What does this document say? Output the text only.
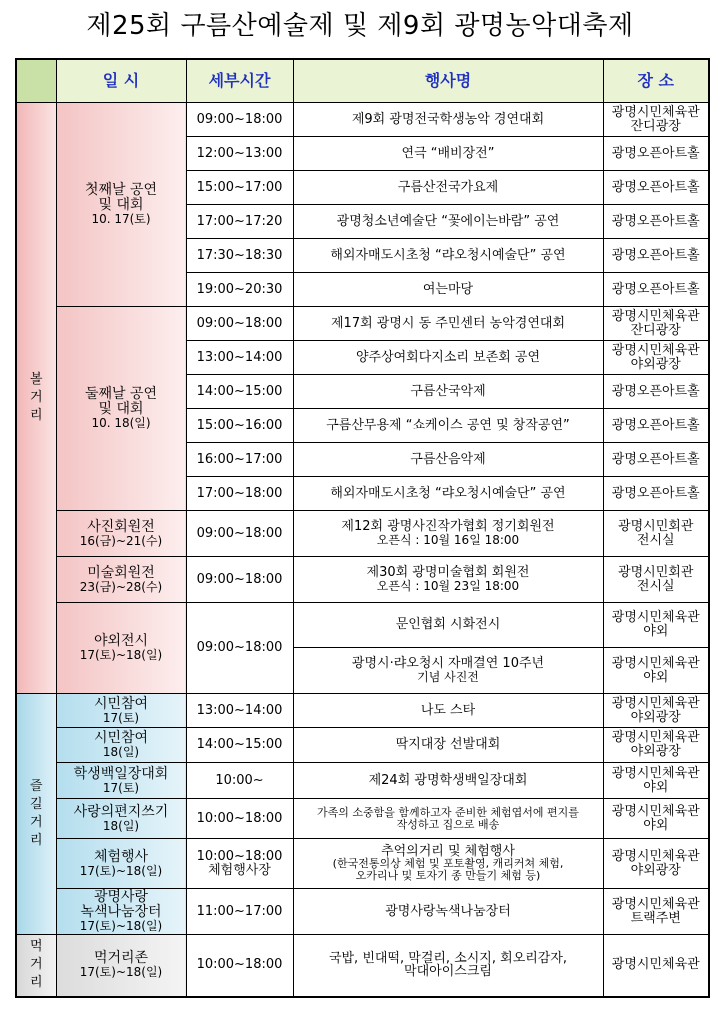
제25회 구름산예술제 및 제9회 광명농악대축제
	일 시	세부시간	행사명	장 소
볼거리	첫째날 공연
및 대회
10. 17(토)	09:00~18:00	제9회 광명전국학생농악 경연대회	광명시민체육관
잔디광장

		12:00~13:00	연극 “배비장전”	광명오픈아트홀

		15:00~17:00	구름산전국가요제	광명오픈아트홀

		17:00~17:20	광명청소년예술단 “꽃에이는바람” 공연	광명오픈아트홀

		17:30~18:30	해외자매도시초청 “랴오청시예술단” 공연	광명오픈아트홀

		19:00~20:30	여는마당	광명오픈아트홀

	둘째날 공연
및 대회
10. 18(일)	09:00~18:00	제17회 광명시 동 주민센터 농악경연대회	광명시민체육관
잔디광장

		13:00~14:00	양주상여회다지소리 보존회 공연	광명시민체육관
야외광장

		14:00~15:00	구름산국악제	광명오픈아트홀

		15:00~16:00	구름산무용제 “쇼케이스 공연 및 창작공연”	광명오픈아트홀

		16:00~17:00	구름산음악제	광명오픈아트홀

		17:00~18:00	해외자매도시초청 “랴오청시예술단” 공연	광명오픈아트홀

	사진회원전
16(금)~21(수)	09:00~18:00	제12회 광명사진작가협회 정기회원전
오픈식 : 10월 16일 18:00	광명시민회관
전시실

	미술회원전
23(금)~28(수)	09:00~18:00	제30회 광명미술협회 회원전
오픈식 : 10월 23일 18:00	광명시민회관
전시실

	야외전시
17(토)~18(일)	09:00~18:00	문인협회 시화전시	광명시민체육관
야외

			광명시·랴오청시 자매결연 10주년
기념 사진전	광명시민체육관
야외

즐길거리	시민참여
17(토)	13:00~14:00	나도 스타	광명시민체육관
야외광장

	시민참여
18(일)	14:00~15:00	딱지대장 선발대회	광명시민체육관
야외광장

	학생백일장대회
17(토)	10:00~	제24회 광명학생백일장대회	광명시민체육관
야외

	사랑의편지쓰기
18(일)	10:00~18:00	가족의 소중함을 함께하고자 준비한 체험엽서에 편지를
작성하고 집으로 배송	광명시민체육관
야외

	체험행사
17(토)~18(일)	10:00~18:00
체험행사장	추억의거리 및 체험행사
(한국전통의상 체험 및 포토촬영, 캐리커쳐 체험,
오카리나 및 토자기 종 만들기 체험 등)	광명시민체육관
야외광장

	광명사랑
녹색나눔장터
17(토)~18(일)	11:00~17:00	광명사랑녹색나눔장터	광명시민체육관
트랙주변

먹거리	먹거리존
17(토)~18(일)	10:00~18:00	국밥, 빈대떡, 막걸리, 소시지, 회오리감자,
막대아이스크림	광명시민체육관
